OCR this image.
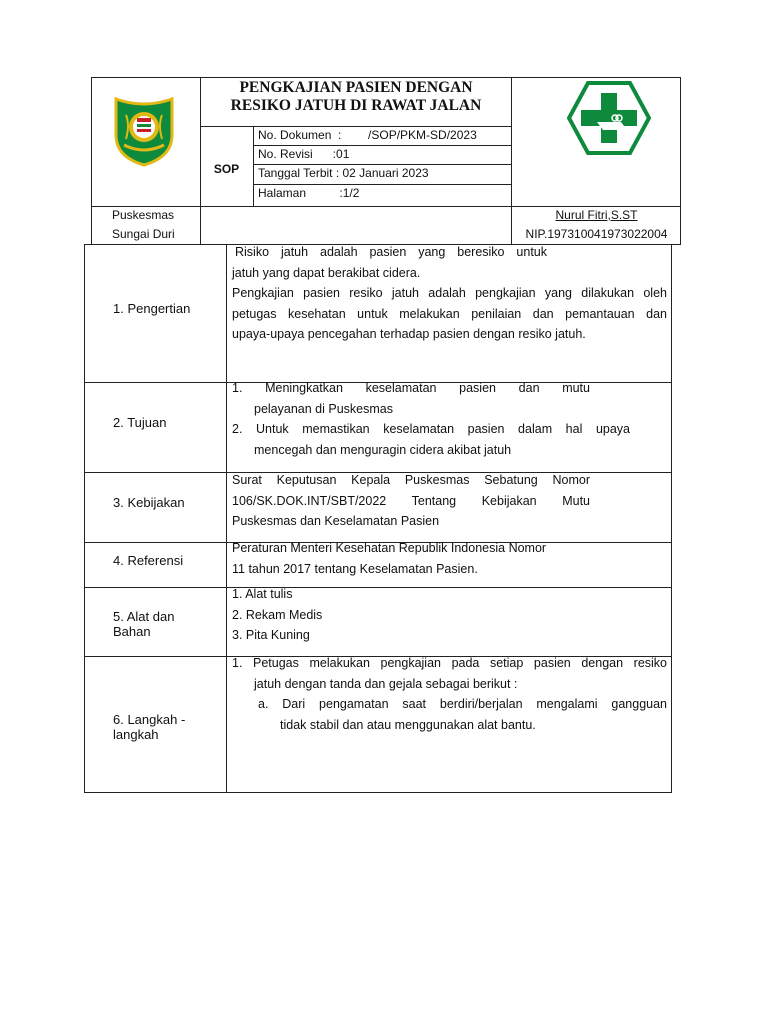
PENGKAJIAN PASIEN DENGAN
RESIKO JATUH DI RAWAT JALAN
SOP
No. Dokumen  :        /SOP/PKM-SD/2023
No. Revisi      :01
Tanggal Terbit : 02 Januari 2023
Halaman          :1/2
Puskesmas
Sungai Duri
Nurul Fitri,S.ST
NIP.197310041973022004
1. Pengertian
Risiko jatuh adalah pasien yang beresiko untuk
jatuh yang dapat berakibat cidera.
Pengkajian pasien resiko jatuh adalah pengkajian yang dilakukan oleh
petugas kesehatan untuk melakukan penilaian dan pemantauan dan
upaya-upaya pencegahan terhadap pasien dengan resiko jatuh.
2. Tujuan
1. Meningkatkan keselamatan pasien dan mutu
pelayanan di Puskesmas
2. Untuk memastikan keselamatan pasien dalam hal upaya
mencegah dan menguragin cidera akibat jatuh
3. Kebijakan
Surat Keputusan Kepala Puskesmas Sebatung Nomor
106/SK.DOK.INT/SBT/2022 Tentang Kebijakan Mutu
Puskesmas dan Keselamatan Pasien
4. Referensi
Peraturan Menteri Kesehatan Republik Indonesia Nomor
11 tahun 2017 tentang Keselamatan Pasien.
5. Alat dan
Bahan
1. Alat tulis
2. Rekam Medis
3. Pita Kuning
6. Langkah -
langkah
1. Petugas melakukan pengkajian pada setiap pasien dengan resiko
jatuh dengan tanda dan gejala sebagai berikut :
a. Dari pengamatan saat berdiri/berjalan mengalami gangguan
tidak stabil dan atau menggunakan alat bantu.
